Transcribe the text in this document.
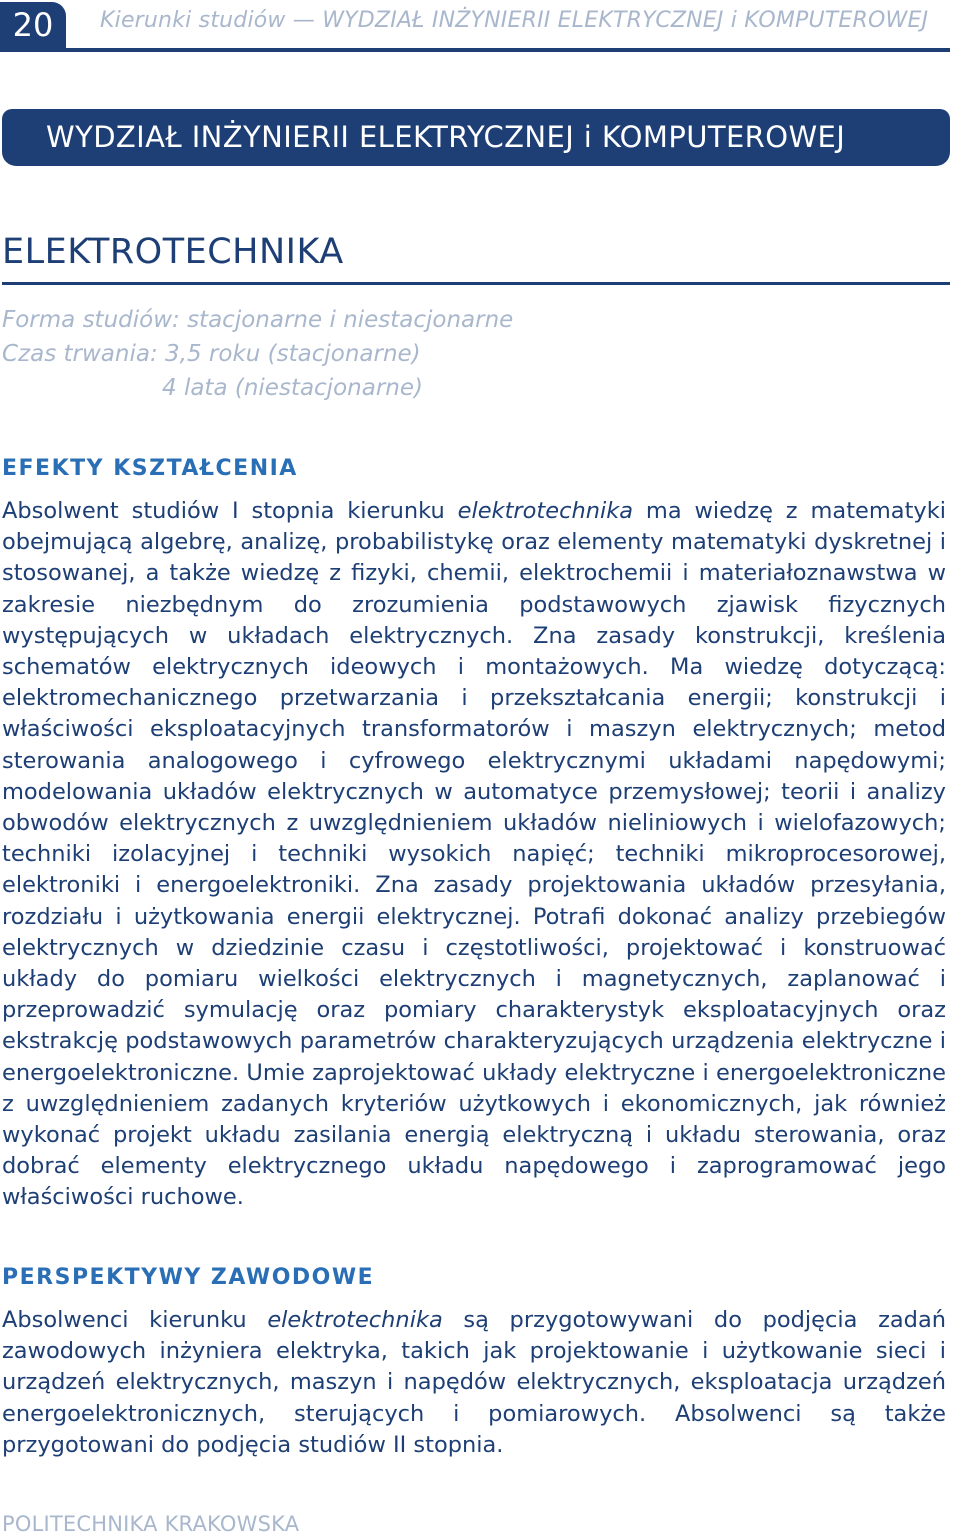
20	Kierunki studiów — WYDZIAŁ INŻYNIERII ELEKTRYCZNEJ i KOMPUTEROWEJ
WYDZIAŁ INŻYNIERII ELEKTRYCZNEJ i KOMPUTEROWEJ
ELEKTROTECHNIKA
Forma studiów: stacjonarne i niestacjonarne
Czas trwania: 3,5 roku (stacjonarne)
4 lata (niestacjonarne)
EFEKTY KSZTAŁCENIA

Absolwent studiów I stopnia kierunku elektrotechnika ma wiedzę z matematyki obejmującą algebrę, analizę, probabilistykę oraz elementy matematyki dyskretnej i stosowanej, a także wiedzę z fizyki, chemii, elektrochemii i materiałoznawstwa w zakresie niezbędnym do zrozumienia podstawowych zjawisk fizycznych występujących w układach elektrycznych. Zna zasady konstrukcji, kreślenia schematów elektrycznych ideowych i montażowych. Ma wiedzę dotyczącą: elektromechanicznego przetwarzania i przekształcania energii; konstrukcji i właściwości eksploatacyjnych transformatorów i maszyn elektrycznych; metod sterowania analogowego i cyfrowego elektrycznymi układami napędowymi; modelowania układów elektrycznych w automatyce przemysłowej; teorii i analizy obwodów elektrycznych z uwzględnieniem układów nieliniowych i wielofazowych; techniki izolacyjnej i techniki wysokich napięć; techniki mikroprocesorowej, elektroniki i energoelektroniki. Zna zasady projektowania układów przesyłania, rozdziału i użytkowania energii elektrycznej. Potrafi dokonać analizy przebiegów elektrycznych w dziedzinie czasu i częstotliwości, projektować i konstruować układy do pomiaru wielkości elektrycznych i magnetycznych, zaplanować i przeprowadzić symulację oraz pomiary charakterystyk eksploatacyjnych oraz ekstrakcję podstawowych parametrów charakteryzujących urządzenia elektryczne i energoelektroniczne. Umie zaprojektować układy elektryczne i energoelektroniczne z uwzględnieniem zadanych kryteriów użytkowych i ekonomicznych, jak również wykonać projekt układu zasilania energią elektryczną i układu sterowania, oraz dobrać elementy elektrycznego układu napędowego i zaprogramować jego właściwości ruchowe.

PERSPEKTYWY ZAWODOWE

Absolwenci kierunku elektrotechnika są przygotowywani do podjęcia zadań zawodowych inżyniera elektryka, takich jak projektowanie i użytkowanie sieci i urządzeń elektrycznych, maszyn i napędów elektrycznych, eksploatacja urządzeń energoelektronicznych, sterujących i pomiarowych. Absolwenci są także przygotowani do podjęcia studiów II stopnia.

POLITECHNIKA KRAKOWSKA
